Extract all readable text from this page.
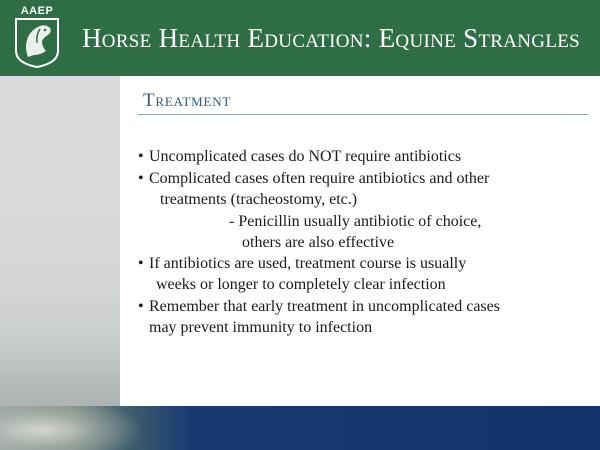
AAEP
Horse Health Education: Equine Strangles
Treatment
• Uncomplicated cases do NOT require antibiotics
• Complicated cases often require antibiotics and other
treatments (tracheostomy, etc.)
- Penicillin usually antibiotic of choice,
others are also effective
• If antibiotics are used, treatment course is usually
weeks or longer to completely clear infection
• Remember that early treatment in uncomplicated cases
may prevent immunity to infection
